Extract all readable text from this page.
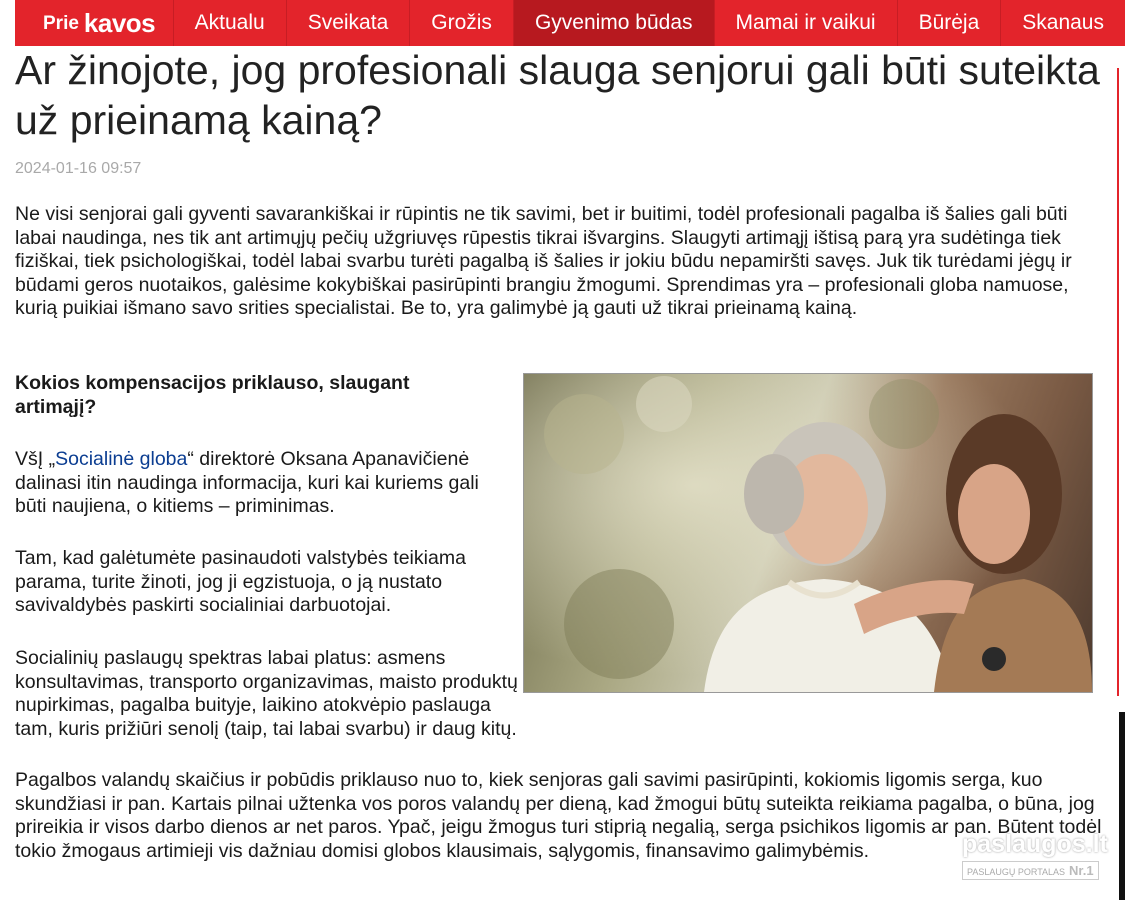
Prie kavos	Aktualu	Sveikata	Grožis	Gyvenimo būdas	Mamai ir vaikui	Būrėja	Skanaus
Ar žinojote, jog profesionali slauga senjorui gali būti suteikta už prieinamą kainą?
2024-01-16 09:57

Ne visi senjorai gali gyventi savarankiškai ir rūpintis ne tik savimi, bet ir buitimi, todėl profesionali pagalba iš šalies gali būti labai naudinga, nes tik ant artimųjų pečių užgriuvęs rūpestis tikrai išvargins. Slaugyti artimąjį ištisą parą yra sudėtinga tiek fiziškai, tiek psichologiškai, todėl labai svarbu turėti pagalbą iš šalies ir jokiu būdu nepamiršti savęs. Juk tik turėdami jėgų ir būdami geros nuotaikos, galėsime kokybiškai pasirūpinti brangiu žmogumi. Sprendimas yra – profesionali globa namuose, kurią puikiai išmano savo srities specialistai. Be to, yra galimybė ją gauti už tikrai prieinamą kainą.

Kokios kompensacijos priklauso, slaugant artimąjį?

VšĮ „Socialinė globa“ direktorė Oksana Apanavičienė dalinasi itin naudinga informacija, kuri kai kuriems gali būti naujiena, o kitiems – priminimas.

Tam, kad galėtumėte pasinaudoti valstybės teikiama parama, turite žinoti, jog ji egzistuoja, o ją nustato savivaldybės paskirti socialiniai darbuotojai.

Socialinių paslaugų spektras labai platus: asmens konsultavimas, transporto organizavimas, maisto produktų nupirkimas, pagalba buityje, laikino atokvėpio paslauga tam, kuris prižiūri senolį (taip, tai labai svarbu) ir daug kitų.

Pagalbos valandų skaičius ir pobūdis priklauso nuo to, kiek senjoras gali savimi pasirūpinti, kokiomis ligomis serga, kuo skundžiasi ir pan. Kartais pilnai užtenka vos poros valandų per dieną, kad žmogui būtų suteikta reikiama pagalba, o būna, jog prireikia ir visos darbo dienos ar net paros. Ypač, jeigu žmogus turi stiprią negalią, serga psichikos ligomis ar pan. Būtent todėl tokio žmogaus artimieji vis dažniau domisi globos klausimais, sąlygomis, finansavimo galimybėmis.	paslaugos.lt
PASLAUGŲ PORTALAS Nr.1
